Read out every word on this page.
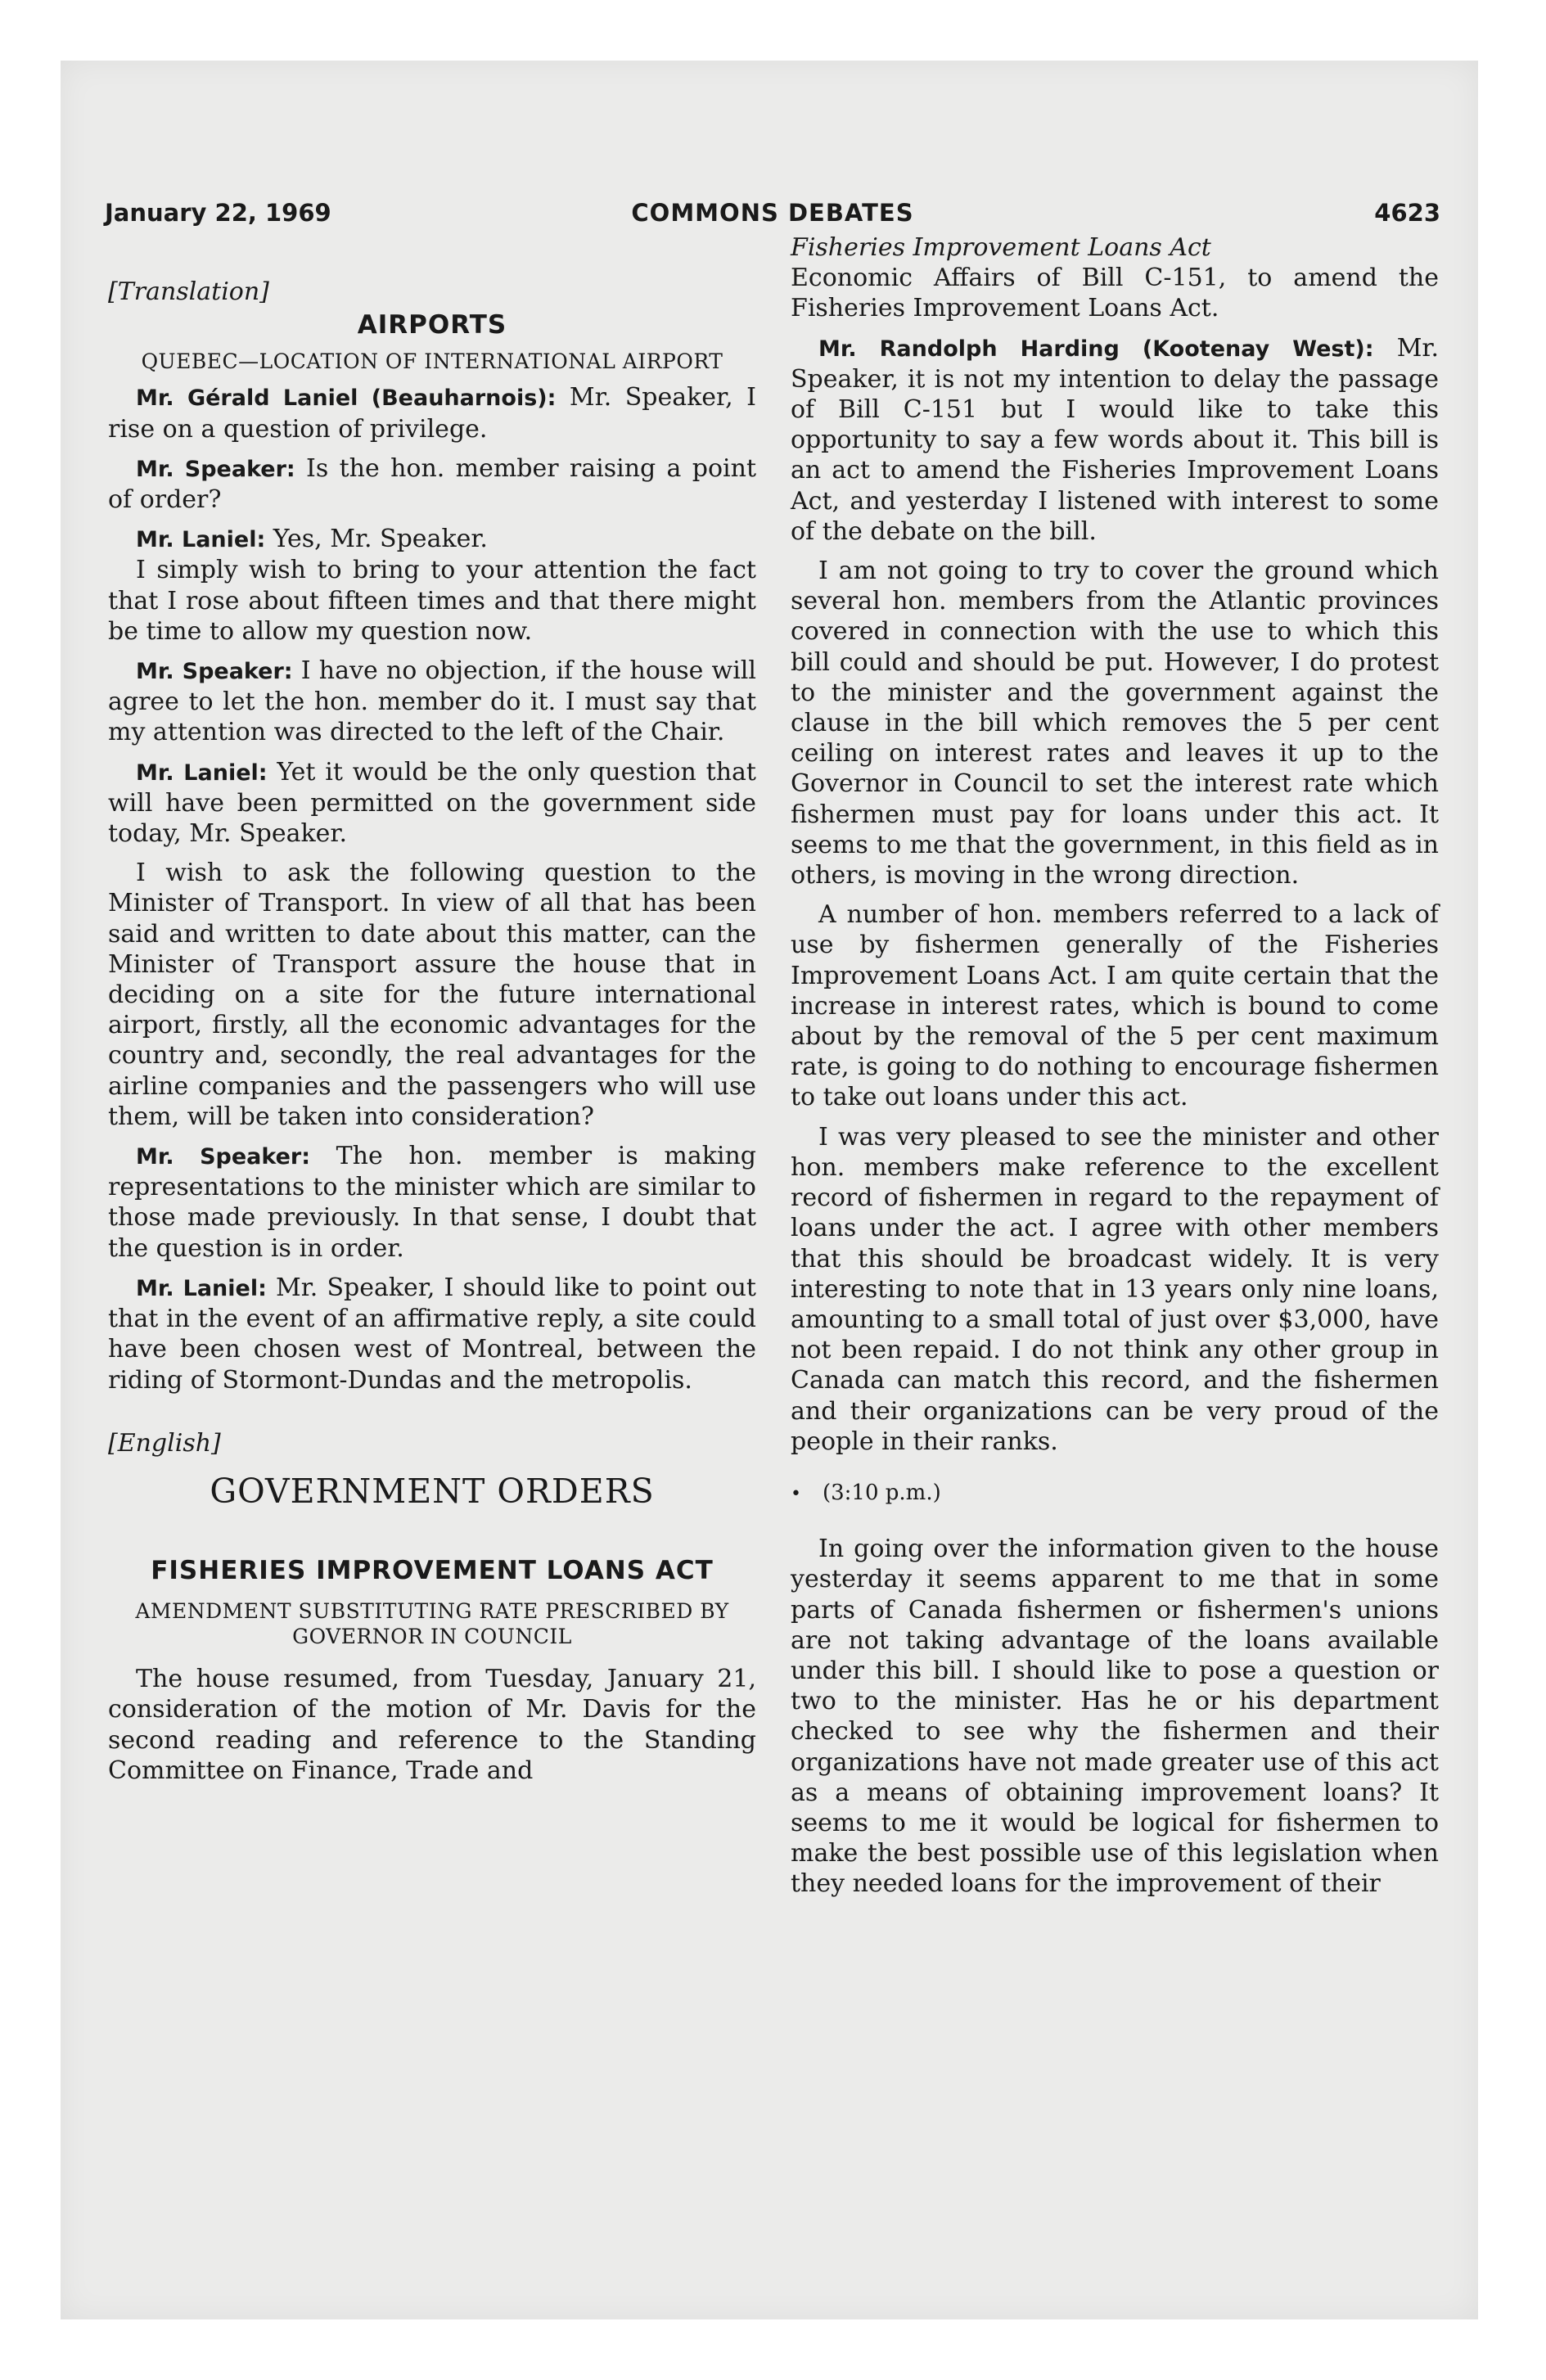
January 22, 1969	COMMONS DEBATES	4623

[Translation]

AIRPORTS
QUEBEC—LOCATION OF INTERNATIONAL AIRPORT

Mr. Gérald Laniel (Beauharnois): Mr. Speaker, I rise on a question of privilege.

Mr. Speaker: Is the hon. member raising a point of order?

Mr. Laniel: Yes, Mr. Speaker.

I simply wish to bring to your attention the fact that I rose about fifteen times and that there might be time to allow my question now.

Mr. Speaker: I have no objection, if the house will agree to let the hon. member do it. I must say that my attention was directed to the left of the Chair.

Mr. Laniel: Yet it would be the only question that will have been permitted on the government side today, Mr. Speaker.

I wish to ask the following question to the Minister of Transport. In view of all that has been said and written to date about this matter, can the Minister of Transport assure the house that in deciding on a site for the future international airport, firstly, all the economic advantages for the country and, secondly, the real advantages for the airline companies and the passengers who will use them, will be taken into consideration?

Mr. Speaker: The hon. member is making representations to the minister which are similar to those made previously. In that sense, I doubt that the question is in order.

Mr. Laniel: Mr. Speaker, I should like to point out that in the event of an affirmative reply, a site could have been chosen west of Montreal, between the riding of Stormont-Dundas and the metropolis.

[English]

GOVERNMENT ORDERS
FISHERIES IMPROVEMENT LOANS ACT
AMENDMENT SUBSTITUTING RATE PRESCRIBED BY GOVERNOR IN COUNCIL

The house resumed, from Tuesday, January 21, consideration of the motion of Mr. Davis for the second reading and reference to the Standing Committee on Finance, Trade and

Fisheries Improvement Loans Act

Economic Affairs of Bill C-151, to amend the Fisheries Improvement Loans Act.

Mr. Randolph Harding (Kootenay West): Mr. Speaker, it is not my intention to delay the passage of Bill C-151 but I would like to take this opportunity to say a few words about it. This bill is an act to amend the Fisheries Improvement Loans Act, and yesterday I listened with interest to some of the debate on the bill.

I am not going to try to cover the ground which several hon. members from the Atlantic provinces covered in connection with the use to which this bill could and should be put. However, I do protest to the minister and the government against the clause in the bill which removes the 5 per cent ceiling on interest rates and leaves it up to the Governor in Council to set the interest rate which fishermen must pay for loans under this act. It seems to me that the government, in this field as in others, is moving in the wrong direction.

A number of hon. members referred to a lack of use by fishermen generally of the Fisheries Improvement Loans Act. I am quite certain that the increase in interest rates, which is bound to come about by the removal of the 5 per cent maximum rate, is going to do nothing to encourage fishermen to take out loans under this act.

I was very pleased to see the minister and other hon. members make reference to the excellent record of fishermen in regard to the repayment of loans under the act. I agree with other members that this should be broadcast widely. It is very interesting to note that in 13 years only nine loans, amounting to a small total of just over $3,000, have not been repaid. I do not think any other group in Canada can match this record, and the fishermen and their organizations can be very proud of the people in their ranks.

• (3:10 p.m.)

In going over the information given to the house yesterday it seems apparent to me that in some parts of Canada fishermen or fishermen's unions are not taking advantage of the loans available under this bill. I should like to pose a question or two to the minister. Has he or his department checked to see why the fishermen and their organizations have not made greater use of this act as a means of obtaining improvement loans? It seems to me it would be logical for fishermen to make the best possible use of this legislation when they needed loans for the improvement of their
